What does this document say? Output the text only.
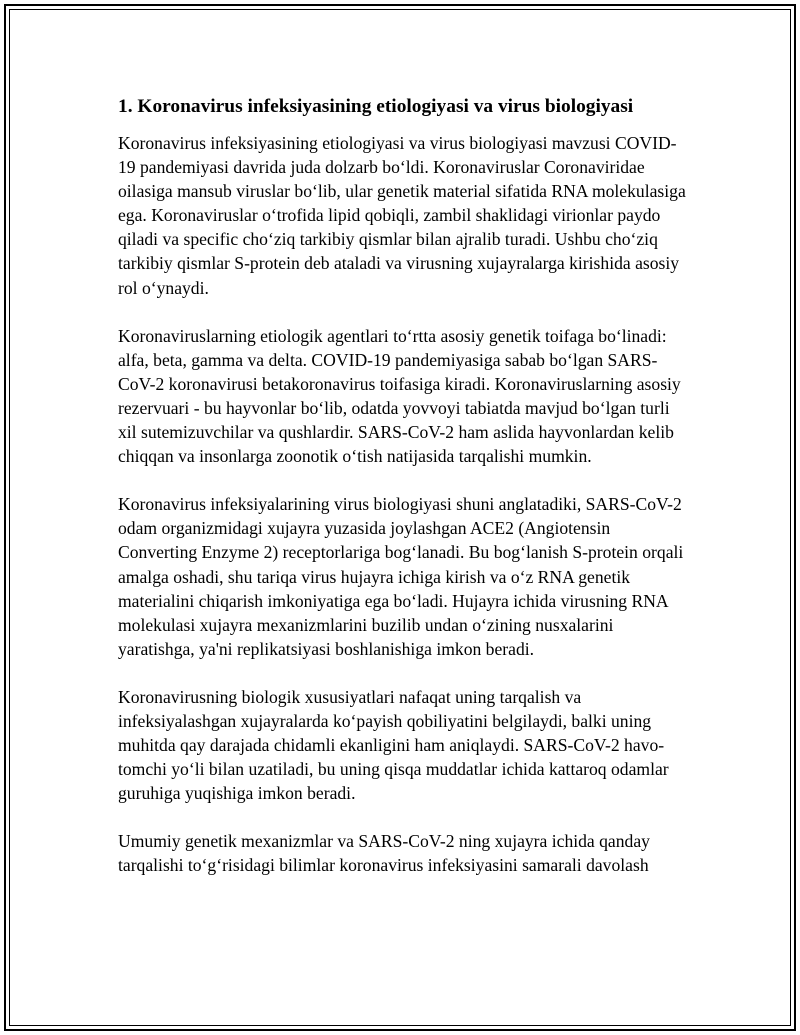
1. Koronavirus infeksiyasining etiologiyasi va virus biologiyasi

Koronavirus infeksiyasining etiologiyasi va virus biologiyasi mavzusi COVID-19 pandemiyasi davrida juda dolzarb bo‘ldi. Koronaviruslar Coronaviridae oilasiga mansub viruslar bo‘lib, ular genetik material sifatida RNA molekulasiga ega. Koronaviruslar o‘trofida lipid qobiqli, zambil shaklidagi virionlar paydo qiladi va specific cho‘ziq tarkibiy qismlar bilan ajralib turadi. Ushbu cho‘ziq tarkibiy qismlar S-protein deb ataladi va virusning xujayralarga kirishida asosiy rol o‘ynaydi.

Koronaviruslarning etiologik agentlari to‘rtta asosiy genetik toifaga bo‘linadi: alfa, beta, gamma va delta. COVID-19 pandemiyasiga sabab bo‘lgan SARS-CoV-2 koronavirusi betakoronavirus toifasiga kiradi. Koronaviruslarning asosiy rezervuari - bu hayvonlar bo‘lib, odatda yovvoyi tabiatda mavjud bo‘lgan turli xil sutemizuvchilar va qushlardir. SARS-CoV-2 ham aslida hayvonlardan kelib chiqqan va insonlarga zoonotik o‘tish natijasida tarqalishi mumkin.

Koronavirus infeksiyalarining virus biologiyasi shuni anglatadiki, SARS-CoV-2 odam organizmidagi xujayra yuzasida joylashgan ACE2 (Angiotensin Converting Enzyme 2) receptorlariga bog‘lanadi. Bu bog‘lanish S-protein orqali amalga oshadi, shu tariqa virus hujayra ichiga kirish va o‘z RNA genetik materialini chiqarish imkoniyatiga ega bo‘ladi. Hujayra ichida virusning RNA molekulasi xujayra mexanizmlarini buzilib undan o‘zining nusxalarini yaratishga, ya'ni replikatsiyasi boshlanishiga imkon beradi.

Koronavirusning biologik xususiyatlari nafaqat uning tarqalish va infeksiyalashgan xujayralarda ko‘payish qobiliyatini belgilaydi, balki uning muhitda qay darajada chidamli ekanligini ham aniqlaydi. SARS-CoV-2 havo-tomchi yo‘li bilan uzatiladi, bu uning qisqa muddatlar ichida kattaroq odamlar guruhiga yuqishiga imkon beradi.

Umumiy genetik mexanizmlar va SARS-CoV-2 ning xujayra ichida qanday tarqalishi to‘g‘risidagi bilimlar koronavirus infeksiyasini samarali davolash
